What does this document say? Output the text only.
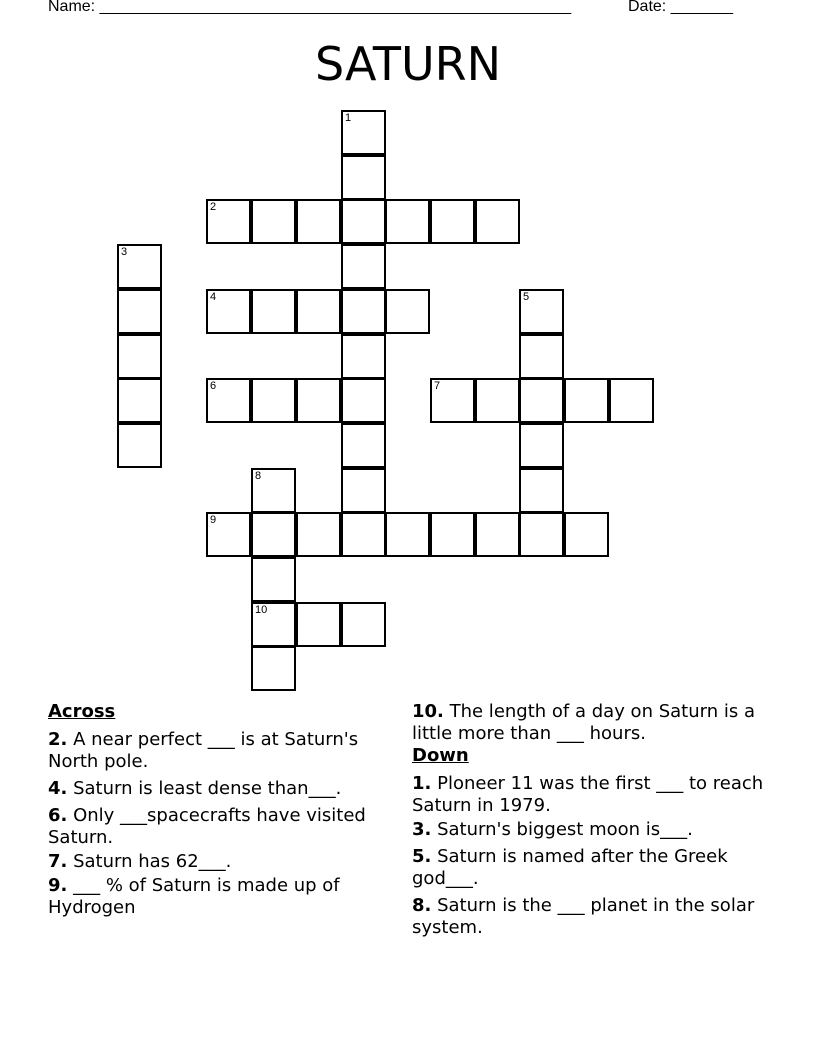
Name: _____________________________________________________	Date: _______
SATURN
1
2
3
4	5
6	7
8
10
9

Across

2. A near perfect ___ is at Saturn's North pole.

4. Saturn is least dense than___.

6. Only ___spacecrafts have visited Saturn.

7. Saturn has 62___.

9. ___ % of Saturn is made up of Hydrogen

10. The length of a day on Saturn is a little more than ___ hours.

Down

1. Ploneer 11 was the first ___ to reach Saturn in 1979.

3. Saturn's biggest moon is___.

5. Saturn is named after the Greek god___.

8. Saturn is the ___ planet in the solar system.
